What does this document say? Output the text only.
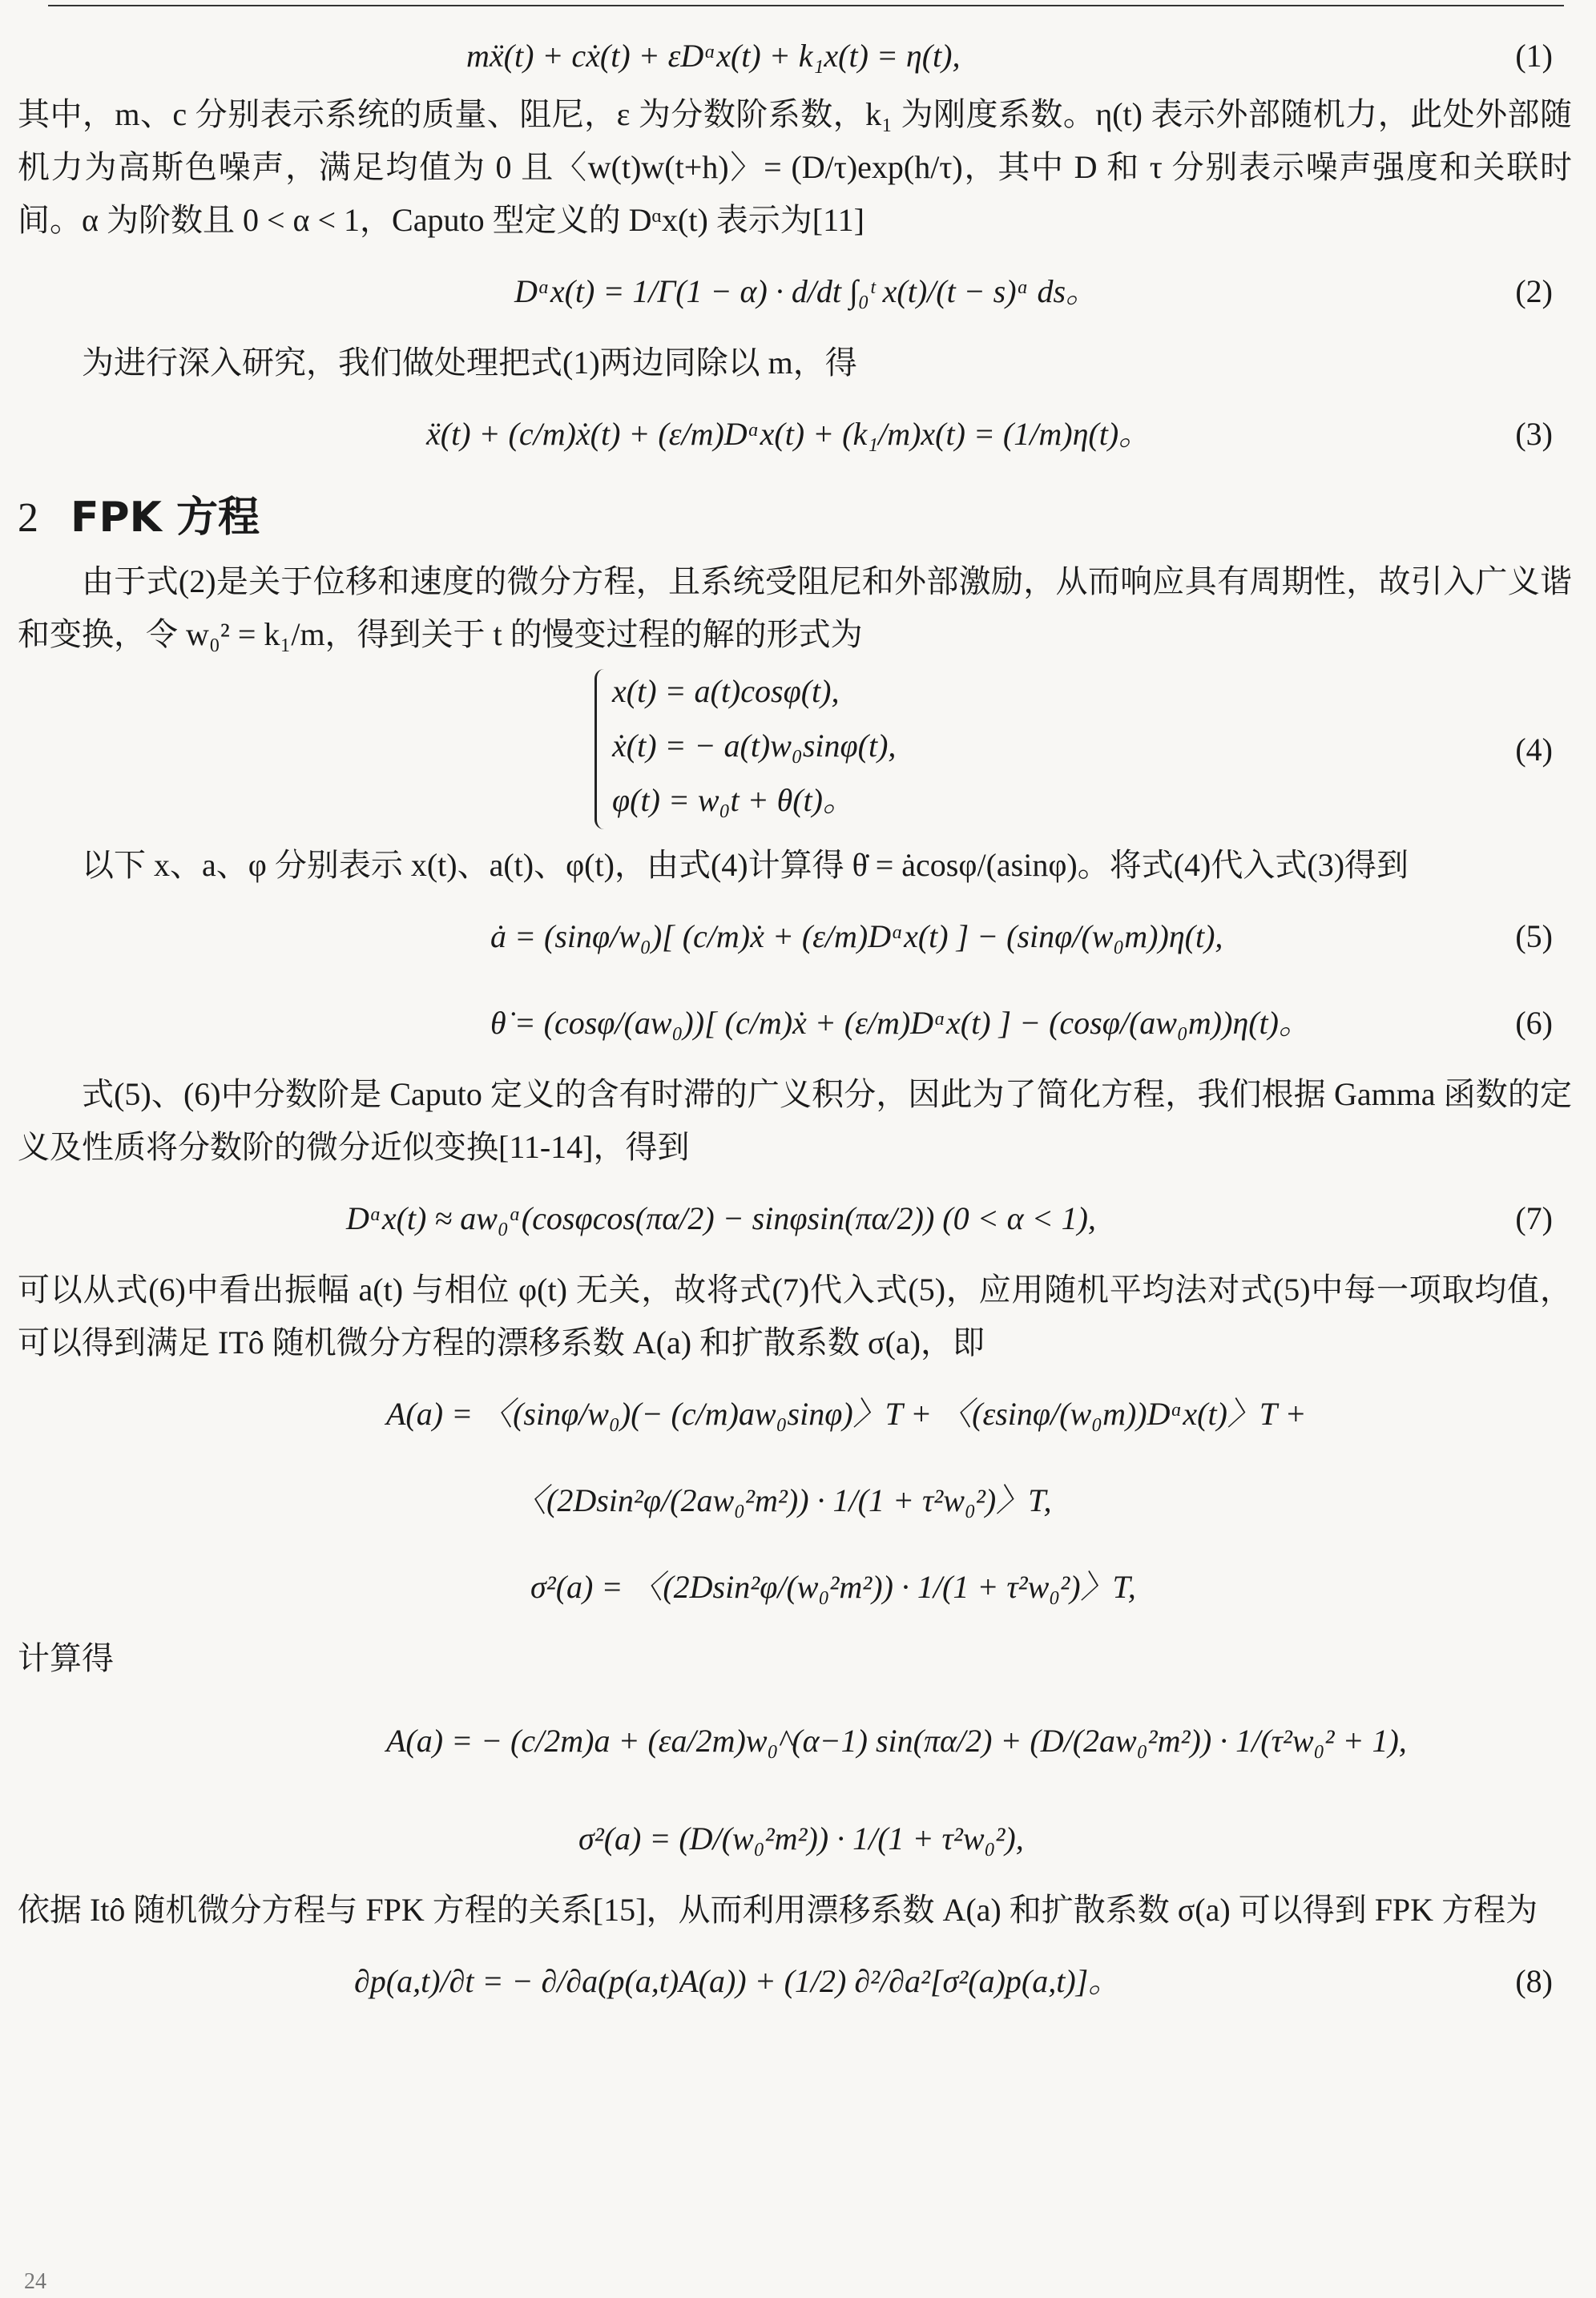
mẍ(t) + cẋ(t) + εDᵅx(t) + k₁x(t) = η(t),	(1)

其中，m、c 分别表示系统的质量、阻尼，ε 为分数阶系数，k₁ 为刚度系数。η(t) 表示外部随机力，此处外部随机力为高斯色噪声，满足均值为 0 且〈w(t)w(t+h)〉= (D/τ)exp(h/τ)，其中 D 和 τ 分别表示噪声强度和关联时间。α 为阶数且 0 < α < 1，Caputo 型定义的 Dᵅx(t) 表示为[11]

Dᵅx(t) = 1/Γ(1 − α) · d/dt ∫₀ᵗ x(t)/(t − s)ᵅ ds。	(2)

为进行深入研究，我们做处理把式(1)两边同除以 m，得

ẍ(t) + (c/m)ẋ(t) + (ε/m)Dᵅx(t) + (k₁/m)x(t) = (1/m)η(t)。	(3)
2 FPK 方程

由于式(2)是关于位移和速度的微分方程，且系统受阻尼和外部激励，从而响应具有周期性，故引入广义谐和变换，令 w₀² = k₁/m，得到关于 t 的慢变过程的解的形式为

x(t) = a(t)cosφ(t),
ẋ(t) = − a(t)w₀sinφ(t),
φ(t) = w₀t + θ(t)。
(4)

以下 x、a、φ 分别表示 x(t)、a(t)、φ(t)，由式(4)计算得 θ̇ = ȧcosφ/(asinφ)。将式(4)代入式(3)得到

ȧ = (sinφ/w₀)[ (c/m)ẋ + (ε/m)Dᵅx(t) ] − (sinφ/(w₀m))η(t),	(5)
θ̇ = (cosφ/(aw₀))[ (c/m)ẋ + (ε/m)Dᵅx(t) ] − (cosφ/(aw₀m))η(t)。	(6)

式(5)、(6)中分数阶是 Caputo 定义的含有时滞的广义积分，因此为了简化方程，我们根据 Gamma 函数的定义及性质将分数阶的微分近似变换[11-14]，得到

Dᵅx(t) ≈ aw₀ᵅ(cosφcos(πα/2) − sinφsin(πα/2)) (0 < α < 1),	(7)

可以从式(6)中看出振幅 a(t) 与相位 φ(t) 无关，故将式(7)代入式(5)，应用随机平均法对式(5)中每一项取均值，可以得到满足 ITô 随机微分方程的漂移系数 A(a) 和扩散系数 σ(a)，即

A(a) = 〈(sinφ/w₀)(− (c/m)aw₀sinφ)〉T + 〈(εsinφ/(w₀m))Dᵅx(t)〉T +
〈(2Dsin²φ/(2aw₀²m²)) · 1/(1 + τ²w₀²)〉T,
σ²(a) = 〈(2Dsin²φ/(w₀²m²)) · 1/(1 + τ²w₀²)〉T,

计算得

A(a) = − (c/2m)a + (εa/2m)w₀^(α−1) sin(πα/2) + (D/(2aw₀²m²)) · 1/(τ²w₀² + 1),
σ²(a) = (D/(w₀²m²)) · 1/(1 + τ²w₀²),

依据 Itô 随机微分方程与 FPK 方程的关系[15]，从而利用漂移系数 A(a) 和扩散系数 σ(a) 可以得到 FPK 方程为

∂p(a,t)/∂t = − ∂/∂a(p(a,t)A(a)) + (1/2) ∂²/∂a²[σ²(a)p(a,t)]。	(8)
24
